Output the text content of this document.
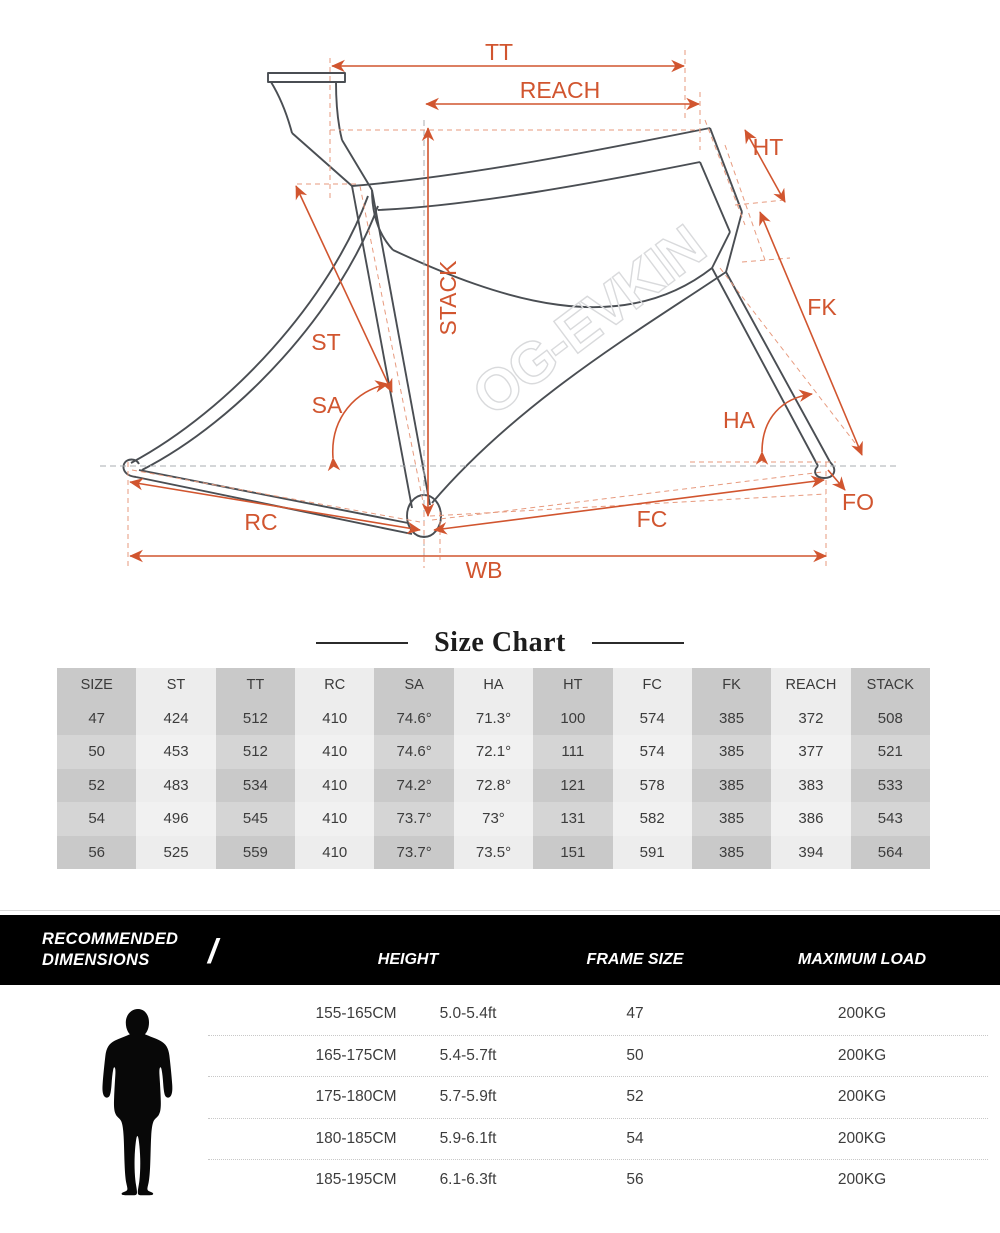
OG-EVKIN
TT
REACH
HT
FK
STACK
ST
SA
HA
RC	FC
FO
WB
Size Chart
SIZE	ST	TT	RC	SA	HA	HT	FC	FK	REACH	STACK
47	424	512	410	74.6°	71.3°	100	574	385	372	508
50	453	512	410	74.6°	72.1°	111	574	385	377	521
52	483	534	410	74.2°	72.8°	121	578	385	383	533
54	496	545	410	73.7°	73°	131	582	385	386	543
56	525	559	410	73.7°	73.5°	151	591	385	394	564
RECOMMENDED
DIMENSIONS	/	HEIGHT	FRAME SIZE	MAXIMUM LOAD
155-165CM	5.0-5.4ft	47	200KG
165-175CM	5.4-5.7ft	50	200KG
175-180CM	5.7-5.9ft	52	200KG
180-185CM	5.9-6.1ft	54	200KG
185-195CM	6.1-6.3ft	56	200KG
